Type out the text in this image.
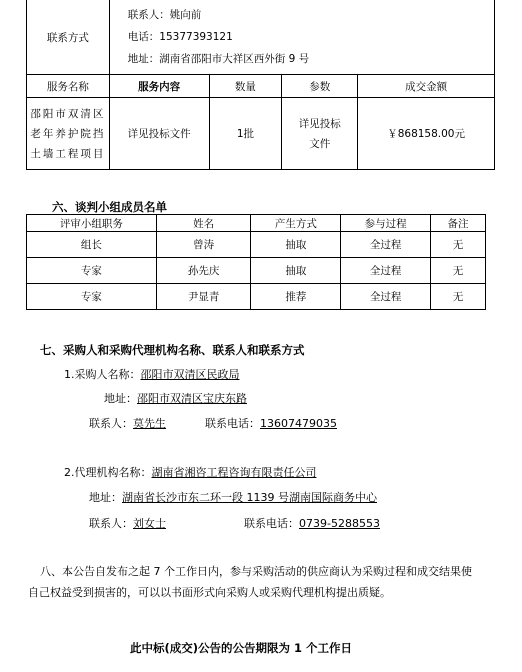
联系方式	联系人：姚向前
电话：15377393121
地址：湖南省邵阳市大祥区西外街 9 号			

服务名称	服务内容	数量	参数	成交金额
邵阳市双清区老年养护院挡土墙工程项目	详见投标文件	1批	详见投标文件	￥868158.00元
六、谈判小组成员名单
评审小组职务	姓名	产生方式	参与过程	备注
组长	曾涛	抽取	全过程	无
专家	孙先庆	抽取	全过程	无
专家	尹显青	推荐	全过程	无
七、采购人和采购代理机构名称、联系人和联系方式
1.采购人名称：邵阳市双清区民政局
地址：邵阳市双清区宝庆东路
联系人：莫先生	联系电话：13607479035
2.代理机构名称：湖南省湘咨工程咨询有限责任公司
地址：湖南省长沙市东二环一段 1139 号湖南国际商务中心
联系人：刘女士	联系电话：0739-5288553
八、本公告自发布之起 7 个工作日内，参与采购活动的供应商认为采购过程和成交结果使
自己权益受到损害的，可以以书面形式向采购人或采购代理机构提出质疑。
此中标(成交)公告的公告期限为 1 个工作日
